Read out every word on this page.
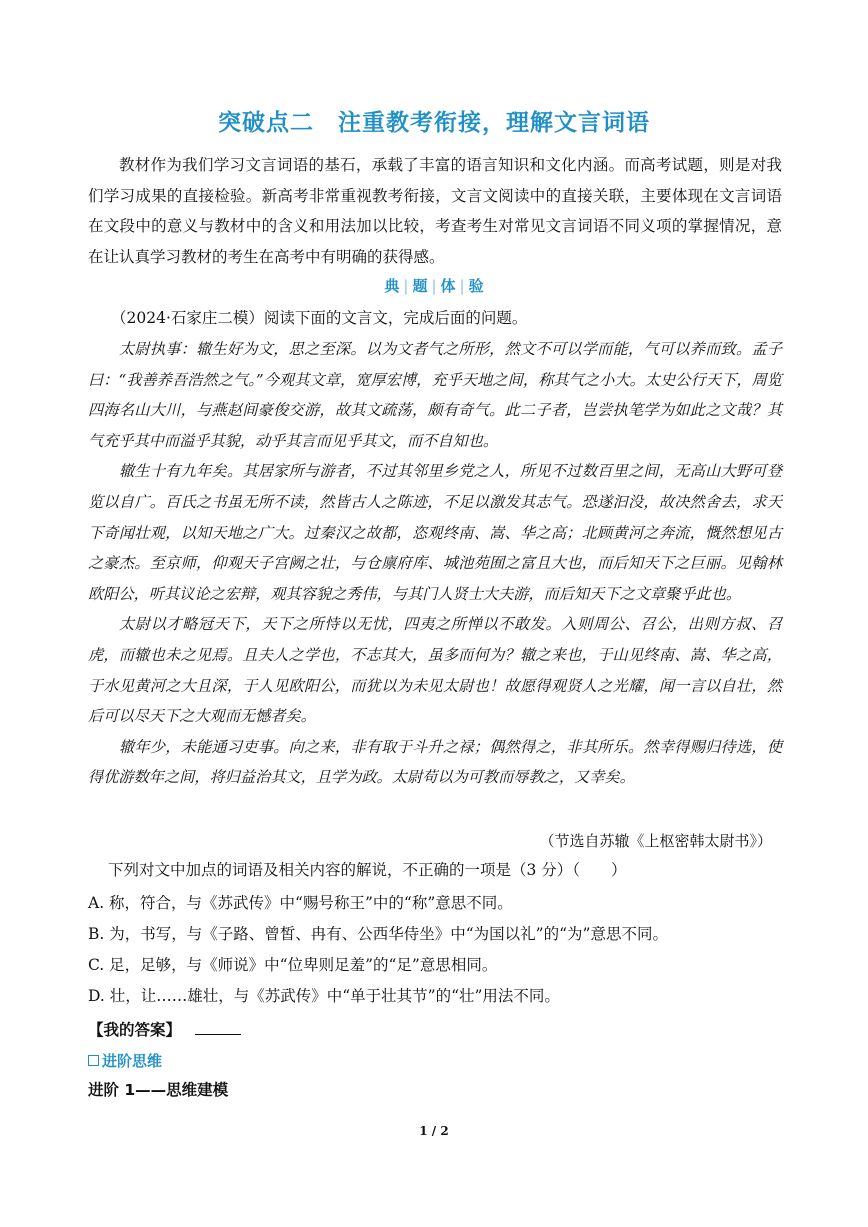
突破点二　注重教考衔接，理解文言词语
教材作为我们学习文言词语的基石，承载了丰富的语言知识和文化内涵。而高考试题，则是对我们学习成果的直接检验。新高考非常重视教考衔接，文言文阅读中的直接关联，主要体现在文言词语在文段中的意义与教材中的含义和用法加以比较，考查考生对常见文言词语不同义项的掌握情况，意在让认真学习教材的考生在高考中有明确的获得感。
典 | 题 | 体 | 验
（2024·石家庄二模）阅读下面的文言文，完成后面的问题。

太尉执事：辙生好为文，思之至深。以为文者气之所形，然文不可以学而能，气可以养而致。孟子曰：“我善养吾浩然之气。”今观其文章，宽厚宏博，充乎天地之间，称其气之小大。太史公行天下，周览四海名山大川，与燕赵间豪俊交游，故其文疏荡，颇有奇气。此二子者，岂尝执笔学为如此之文哉？其气充乎其中而溢乎其貌，动乎其言而见乎其文，而不自知也。

辙生十有九年矣。其居家所与游者，不过其邻里乡党之人，所见不过数百里之间，无高山大野可登览以自广。百氏之书虽无所不读，然皆古人之陈迹，不足以激发其志气。恐遂汩没，故决然舍去，求天下奇闻壮观，以知天地之广大。过秦汉之故都，恣观终南、嵩、华之高；北顾黄河之奔流，慨然想见古之豪杰。至京师，仰观天子宫阙之壮，与仓廪府库、城池苑囿之富且大也，而后知天下之巨丽。见翰林欧阳公，听其议论之宏辩，观其容貌之秀伟，与其门人贤士大夫游，而后知天下之文章聚乎此也。

太尉以才略冠天下，天下之所恃以无忧，四夷之所惮以不敢发。入则周公、召公，出则方叔、召虎，而辙也未之见焉。且夫人之学也，不志其大，虽多而何为？辙之来也，于山见终南、嵩、华之高，于水见黄河之大且深，于人见欧阳公，而犹以为未见太尉也！故愿得观贤人之光耀，闻一言以自壮，然后可以尽天下之大观而无憾者矣。

辙年少，未能通习吏事。向之来，非有取于斗升之禄；偶然得之，非其所乐。然幸得赐归待选，使得优游数年之间，将归益治其文，且学为政。太尉苟以为可教而辱教之，又幸矣。

（节选自苏辙《上枢密韩太尉书》）
下列对文中加点的词语及相关内容的解说，不正确的一项是（3 分）（　　）
A. 称，符合，与《苏武传》中“赐号称王”中的“称”意思不同。
B. 为，书写，与《子路、曾皙、冉有、公西华侍坐》中“为国以礼”的“为”意思不同。
C. 足，足够，与《师说》中“位卑则足羞”的“足”意思相同。
D. 壮，让……雄壮，与《苏武传》中“单于壮其节”的“壮”用法不同。
【我的答案】
进阶思维
进阶 1——思维建模
1 / 2
